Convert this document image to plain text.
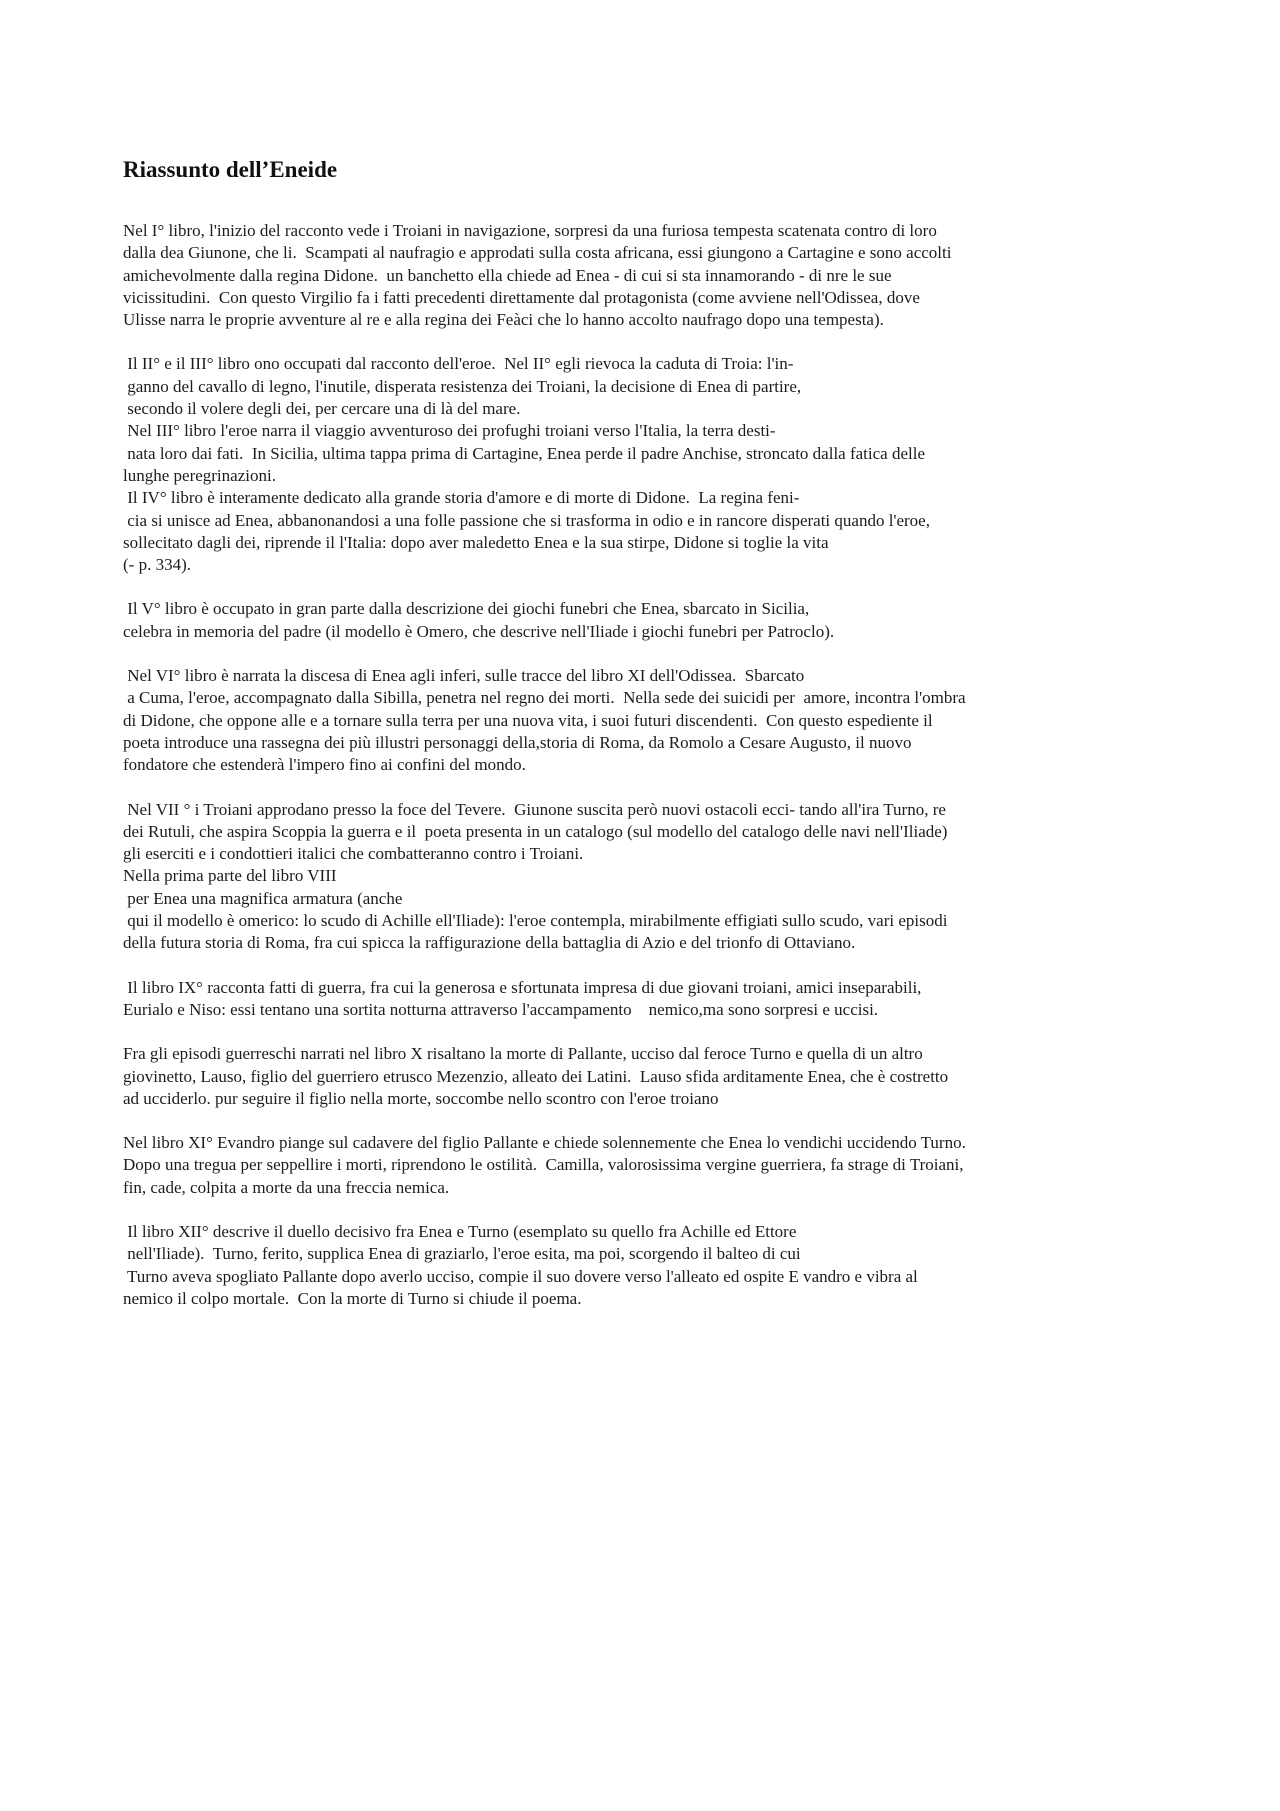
Riassunto dell’Eneide
Nel I° libro, l'inizio del racconto vede i Troiani in navigazione, sorpresi da una furiosa tempesta scatenata contro di loro
dalla dea Giunone, che li.  Scampati al naufragio e approdati sulla costa africana, essi giungono a Cartagine e sono accolti
amichevolmente dalla regina Didone.  un banchetto ella chiede ad Enea - di cui si sta innamorando - di nre le sue
vicissitudini.  Con questo Virgilio fa i fatti precedenti direttamente dal protagonista (come avviene nell'Odissea, dove
Ulisse narra le proprie avventure al re e alla regina dei Feàci che lo hanno accolto naufrago dopo una tempesta).
Il II° e il III° libro ono occupati dal racconto dell'eroe.  Nel II° egli rievoca la caduta di Troia: l'in-
ganno del cavallo di legno, l'inutile, disperata resistenza dei Troiani, la decisione di Enea di partire,
secondo il volere degli dei, per cercare una di là del mare.
Nel III° libro l'eroe narra il viaggio avventuroso dei profughi troiani verso l'Italia, la terra desti-
nata loro dai fati.  In Sicilia, ultima tappa prima di Cartagine, Enea perde il padre Anchise, stroncato dalla fatica delle
lunghe peregrinazioni.
Il IV° libro è interamente dedicato alla grande storia d'amore e di morte di Didone.  La regina feni-
cia si unisce ad Enea, abbanonandosi a una folle passione che si trasforma in odio e in rancore disperati quando l'eroe,
sollecitato dagli dei, riprende il l'Italia: dopo aver maledetto Enea e la sua stirpe, Didone si toglie la vita
(- p. 334).
Il V° libro è occupato in gran parte dalla descrizione dei giochi funebri che Enea, sbarcato in Sicilia,
celebra in memoria del padre (il modello è Omero, che descrive nell'Iliade i giochi funebri per Patroclo).
Nel VI° libro è narrata la discesa di Enea agli inferi, sulle tracce del libro XI dell'Odissea.  Sbarcato
a Cuma, l'eroe, accompagnato dalla Sibilla, penetra nel regno dei morti.  Nella sede dei suicidi per  amore, incontra l'ombra
di Didone, che oppone alle e a tornare sulla terra per una nuova vita, i suoi futuri discendenti.  Con questo espediente il
poeta introduce una rassegna dei più illustri personaggi della,storia di Roma, da Romolo a Cesare Augusto, il nuovo
fondatore che estenderà l'impero fino ai confini del mondo.
Nel VII ° i Troiani approdano presso la foce del Tevere.  Giunone suscita però nuovi ostacoli ecci- tando all'ira Turno, re
dei Rutuli, che aspira Scoppia la guerra e il  poeta presenta in un catalogo (sul modello del catalogo delle navi nell'Iliade)
gli eserciti e i condottieri italici che combatteranno contro i Troiani.
Nella prima parte del libro VIII
per Enea una magnifica armatura (anche
qui il modello è omerico: lo scudo di Achille ell'Iliade): l'eroe contempla, mirabilmente effigiati sullo scudo, vari episodi
della futura storia di Roma, fra cui spicca la raffigurazione della battaglia di Azio e del trionfo di Ottaviano.
Il libro IX° racconta fatti di guerra, fra cui la generosa e sfortunata impresa di due giovani troiani, amici inseparabili,
Eurialo e Niso: essi tentano una sortita notturna attraverso l'accampamento    nemico,ma sono sorpresi e uccisi.
Fra gli episodi guerreschi narrati nel libro X risaltano la morte di Pallante, ucciso dal feroce Turno e quella di un altro
giovinetto, Lauso, figlio del guerriero etrusco Mezenzio, alleato dei Latini.  Lauso sfida arditamente Enea, che è costretto
ad ucciderlo. pur seguire il figlio nella morte, soccombe nello scontro con l'eroe troiano
Nel libro XI° Evandro piange sul cadavere del figlio Pallante e chiede solennemente che Enea lo vendichi uccidendo Turno.
Dopo una tregua per seppellire i morti, riprendono le ostilità.  Camilla, valorosissima vergine guerriera, fa strage di Troiani,
fin, cade, colpita a morte da una freccia nemica.
Il libro XII° descrive il duello decisivo fra Enea e Turno (esemplato su quello fra Achille ed Ettore
nell'Iliade).  Turno, ferito, supplica Enea di graziarlo, l'eroe esita, ma poi, scorgendo il balteo di cui
Turno aveva spogliato Pallante dopo averlo ucciso, compie il suo dovere verso l'alleato ed ospite E vandro e vibra al
nemico il colpo mortale.  Con la morte di Turno si chiude il poema.
